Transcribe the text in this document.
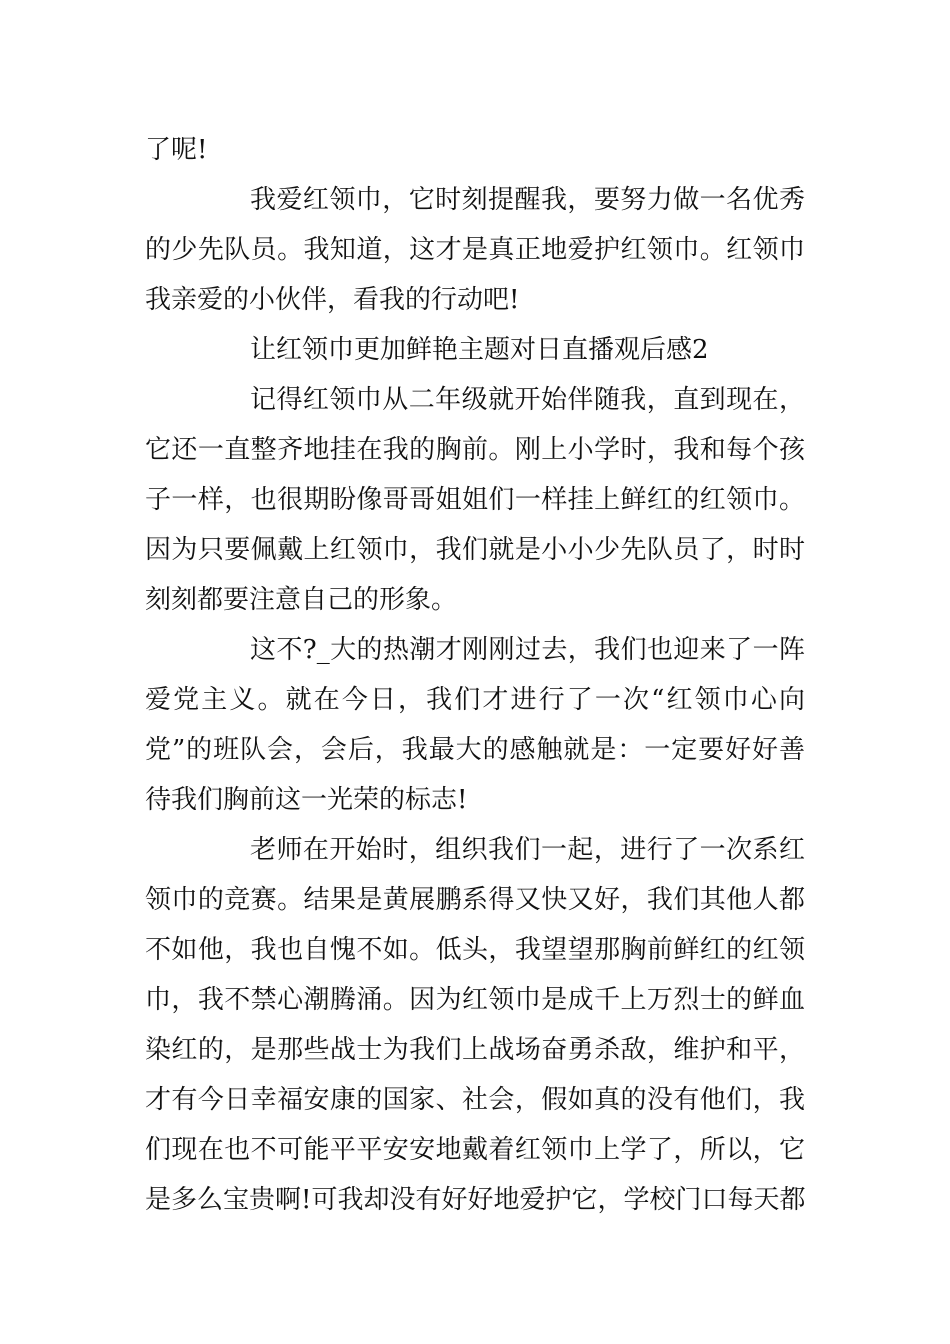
了呢!
我爱红领巾，它时刻提醒我，要努力做一名优秀
的少先队员。我知道，这才是真正地爱护红领巾。红领巾
我亲爱的小伙伴，看我的行动吧!
让红领巾更加鲜艳主题对日直播观后感2
记得红领巾从二年级就开始伴随我，直到现在，
它还一直整齐地挂在我的胸前。刚上小学时，我和每个孩
子一样，也很期盼像哥哥姐姐们一样挂上鲜红的红领巾。
因为只要佩戴上红领巾，我们就是小小少先队员了，时时
刻刻都要注意自己的形象。
这不?_大的热潮才刚刚过去，我们也迎来了一阵
爱党主义。就在今日，我们才进行了一次“红领巾心向
党”的班队会，会后，我最大的感触就是：一定要好好善
待我们胸前这一光荣的标志!
老师在开始时，组织我们一起，进行了一次系红
领巾的竞赛。结果是黄展鹏系得又快又好，我们其他人都
不如他，我也自愧不如。低头，我望望那胸前鲜红的红领
巾，我不禁心潮腾涌。因为红领巾是成千上万烈士的鲜血
染红的，是那些战士为我们上战场奋勇杀敌，维护和平，
才有今日幸福安康的国家、社会，假如真的没有他们，我
们现在也不可能平平安安地戴着红领巾上学了，所以，它
是多么宝贵啊!可我却没有好好地爱护它，学校门口每天都
